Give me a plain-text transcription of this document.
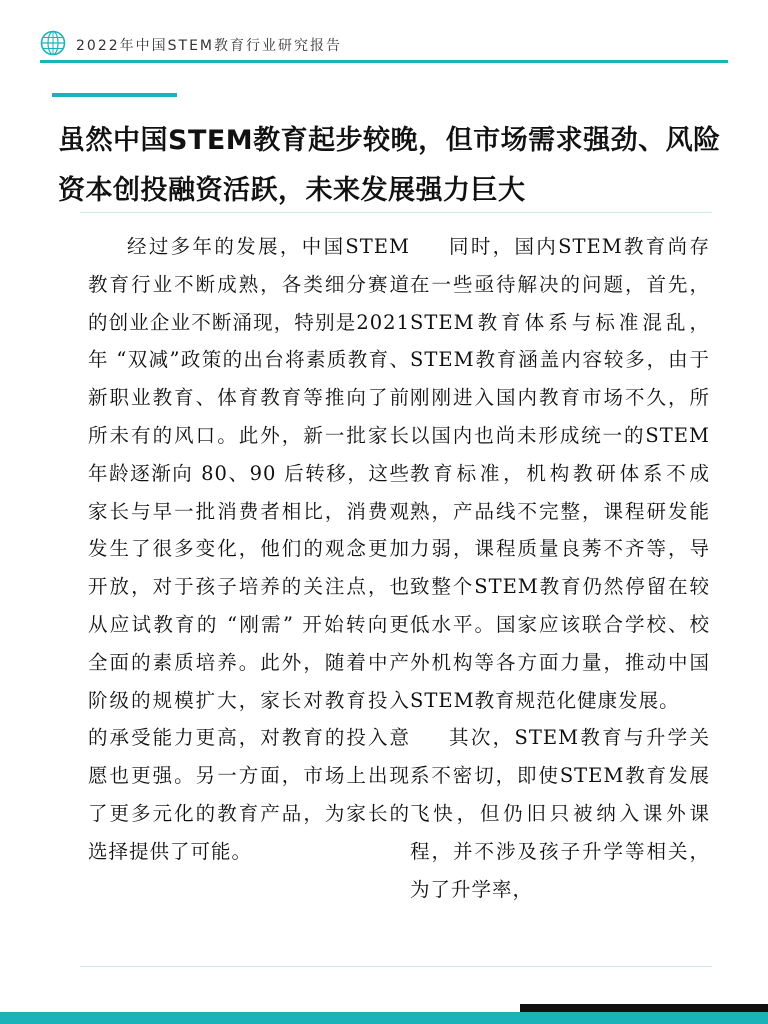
2022年中国STEM教育行业研究报告
虽然中国STEM教育起步较晚，但市场需求强劲、风险资本创投融资活跃，未来发展强力巨大

经过多年的发展，中国STEM教育行业不断成熟，各类细分赛道的创业企业不断涌现，特别是2021年 “双减”政策的出台将素质教育、新职业教育、体育教育等推向了前所未有的风口。此外，新一批家长年龄逐渐向 80、90 后转移，这些家长与早一批消费者相比，消费观发生了很多变化，他们的观念更加开放，对于孩子培养的关注点，也从应试教育的 “刚需” 开始转向更全面的素质培养。此外，随着中产阶级的规模扩大，家长对教育投入的承受能力更高，对教育的投入意愿也更强。另一方面，市场上出现了更多元化的教育产品，为家长的选择提供了可能。

同时，国内STEM教育尚存在一些亟待解决的问题，首先，STEM教育体系与标准混乱，STEM教育涵盖内容较多，由于刚刚进入国内教育市场不久，所以国内也尚未形成统一的STEM教育标准，机构教研体系不成熟，产品线不完整，课程研发能力弱，课程质量良莠不齐等，导致整个STEM教育仍然停留在较低水平。国家应该联合学校、校外机构等各方面力量，推动中国STEM教育规范化健康发展。

其次，STEM教育与升学关系不密切，即使STEM教育发展飞快，但仍旧只被纳入课外课程，并不涉及孩子升学等相关，为了升学率，
